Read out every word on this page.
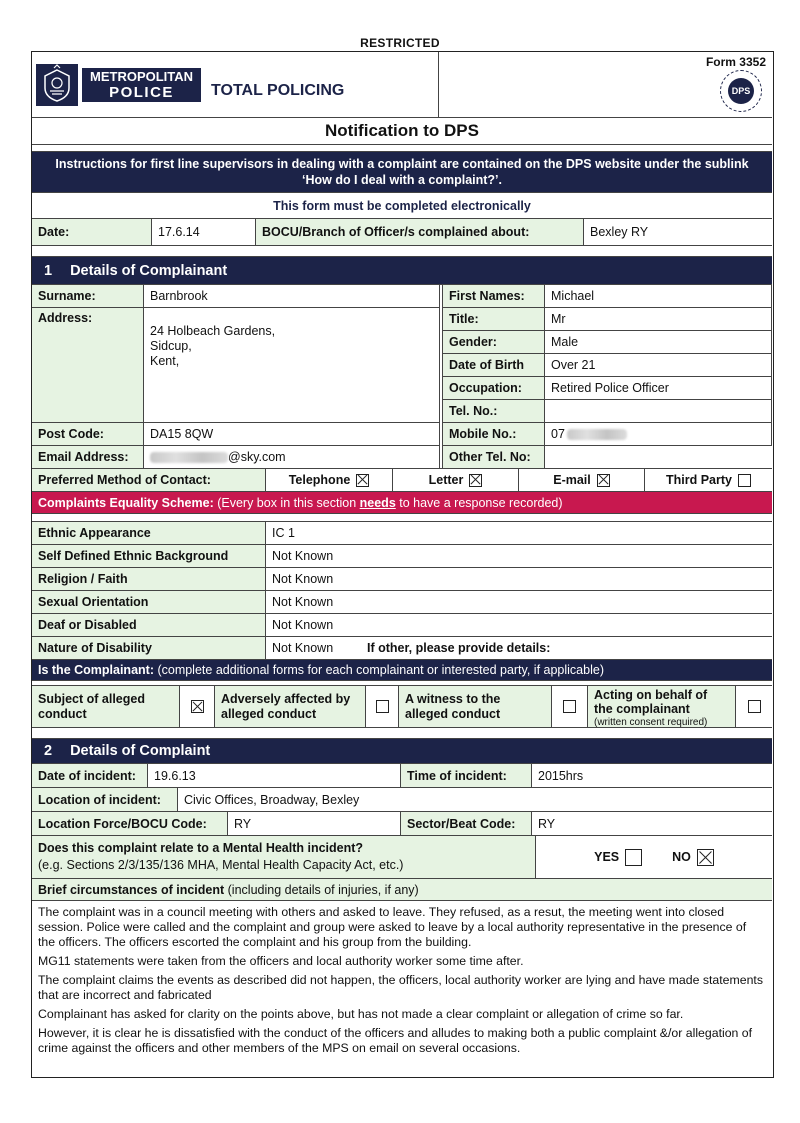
RESTRICTED
METROPOLITAN
POLICE	TOTAL POLICING
Form 3352
DPS
Notification to DPS
Instructions for first line supervisors in dealing with a complaint are contained on the DPS website under the sublink ‘How do I deal with a complaint?’.
This form must be completed electronically
Date:	17.6.14	BOCU/Branch of Officer/s complained about:	Bexley RY
1 Details of Complainant
Surname:	Barnbrook
Address:
24 Holbeach Gardens,
Sidcup,
Kent,
Post Code:	DA15 8QW
Email Address:	@sky.com
First Names:	Michael
Title:	Mr
Gender:	Male
Date of Birth	Over 21
Occupation:	Retired Police Officer
Tel. No.:
Mobile No.:	07
Other Tel. No:
Preferred Method of Contact:	Telephone	Letter	E-mail	Third Party
Complaints Equality Scheme: (Every box in this section needs to have a response recorded)
Ethnic Appearance	IC 1
Self Defined Ethnic Background	Not Known
Religion / Faith	Not Known
Sexual Orientation	Not Known
Deaf or Disabled	Not Known
Nature of Disability	Not Known	If other, please provide details:
Is the Complainant: (complete additional forms for each complainant or interested party, if applicable)
Subject of alleged conduct
Adversely affected by alleged conduct
A witness to the alleged conduct
Acting on behalf of the complainant
(written consent required)
2 Details of Complaint
Date of incident:	19.6.13	Time of incident:	2015hrs
Location of incident:	Civic Offices, Broadway, Bexley
Location Force/BOCU Code:	RY	Sector/Beat Code:	RY
Does this complaint relate to a Mental Health incident?
(e.g. Sections 2/3/135/136 MHA, Mental Health Capacity Act, etc.)
YES	NO
Brief circumstances of incident (including details of injuries, if any)

The complaint was in a council meeting with others and asked to leave. They refused, as a resut, the meeting went into closed session. Police were called and the complaint and group were asked to leave by a local authority representative in the presence of the officers. The officers escorted the complaint and his group from the building.

MG11 statements were taken from the officers and local authority worker some time after.

The complaint claims the events as described did not happen, the officers, local authority worker are lying and have made statements that are incorrect and fabricated

Complainant has asked for clarity on the points above, but has not made a clear complaint or allegation of crime so far.

However, it is clear he is dissatisfied with the conduct of the officers and alludes to making both a public complaint &/or allegation of crime against the officers and other members of the MPS on email on several occasions.
